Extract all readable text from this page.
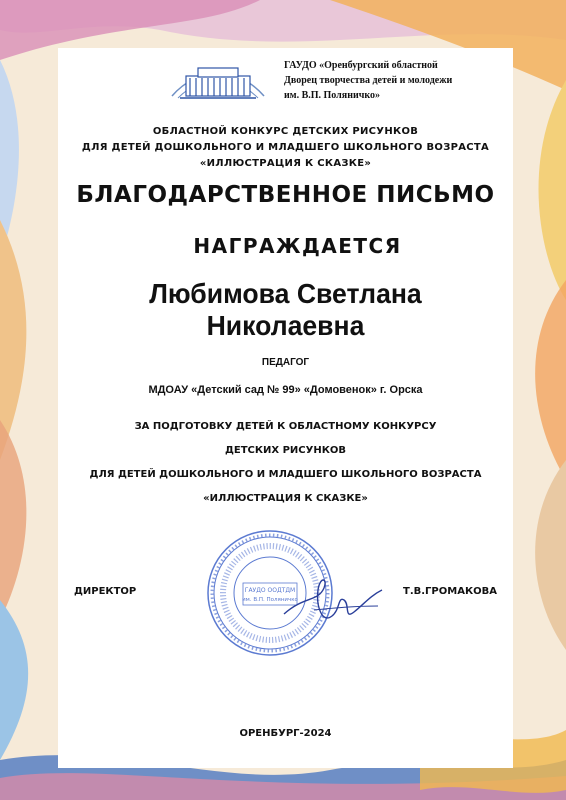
ГАУДО «Оренбургский областной
Дворец творчества детей и молодежи
им. В.П. Поляничко»
ОБЛАСТНОЙ КОНКУРС ДЕТСКИХ РИСУНКОВ
ДЛЯ ДЕТЕЙ ДОШКОЛЬНОГО И МЛАДШЕГО ШКОЛЬНОГО ВОЗРАСТА
«ИЛЛЮСТРАЦИЯ К СКАЗКЕ»
БЛАГОДАРСТВЕННОЕ ПИСЬМО
НАГРАЖДАЕТСЯ
Любимова Светлана
Николаевна
ПЕДАГОГ
МДОАУ «Детский сад № 99» «Домовенок» г. Орска
ЗА ПОДГОТОВКУ ДЕТЕЙ К ОБЛАСТНОМУ КОНКУРСУ
ДЕТСКИХ РИСУНКОВ
ДЛЯ ДЕТЕЙ ДОШКОЛЬНОГО И МЛАДШЕГО ШКОЛЬНОГО ВОЗРАСТА
«ИЛЛЮСТРАЦИЯ К СКАЗКЕ»
ДИРЕКТОР	Т.В.ГРОМАКОВА
ГАУДО ООДТДМ
им. В.П. Поляничко
ОРЕНБУРГ-2024
